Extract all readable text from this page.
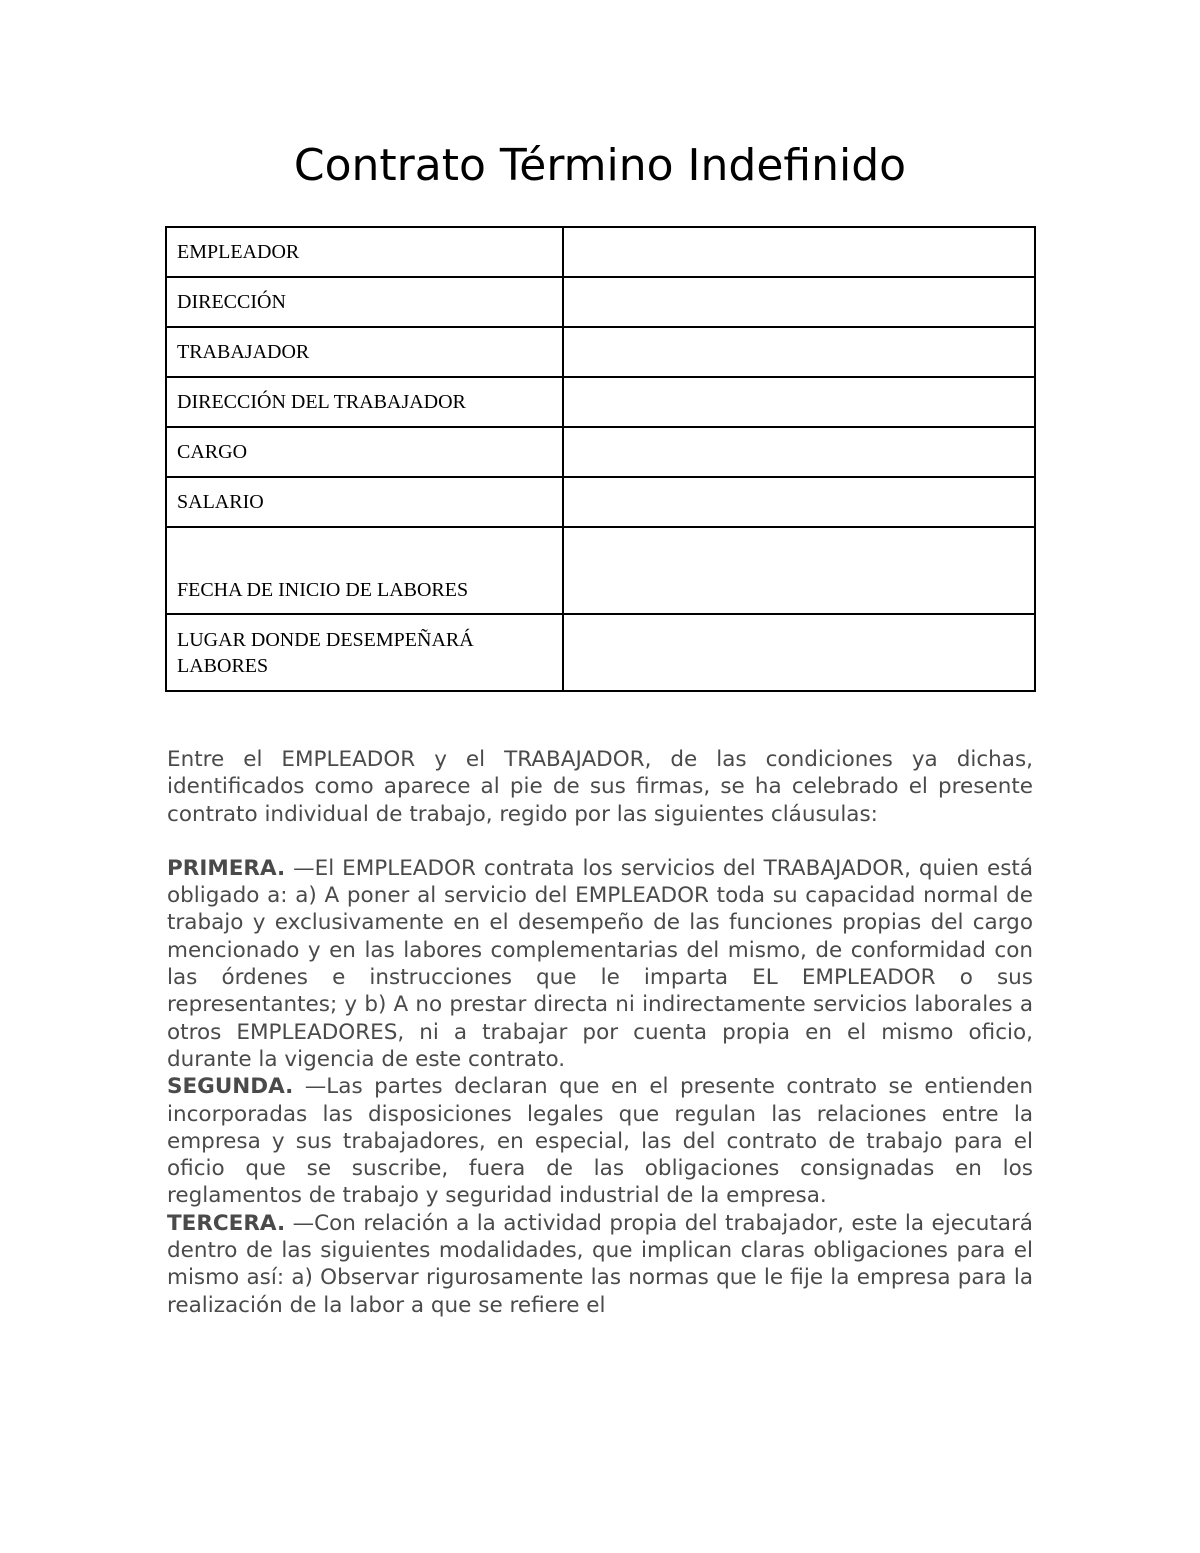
Contrato Término Indefinido
EMPLEADOR	
DIRECCIÓN	
TRABAJADOR	
DIRECCIÓN DEL TRABAJADOR	
CARGO	
SALARIO	
FECHA DE INICIO DE LABORES	
LUGAR DONDE DESEMPEÑARÁ LABORES	

Entre el EMPLEADOR y el TRABAJADOR, de las condiciones ya dichas, identificados como aparece al pie de sus firmas, se ha celebrado el presente contrato individual de trabajo, regido por las siguientes cláusulas:

PRIMERA. —El EMPLEADOR contrata los servicios del TRABAJADOR, quien está obligado a: a) A poner al servicio del EMPLEADOR toda su capacidad normal de trabajo y exclusivamente en el desempeño de las funciones propias del cargo mencionado y en las labores complementarias del mismo, de conformidad con las órdenes e instrucciones que le imparta EL EMPLEADOR o sus representantes; y b) A no prestar directa ni indirectamente servicios laborales a otros EMPLEADORES, ni a trabajar por cuenta propia en el mismo oficio, durante la vigencia de este contrato.

SEGUNDA. —Las partes declaran que en el presente contrato se entienden incorporadas las disposiciones legales que regulan las relaciones entre la empresa y sus trabajadores, en especial, las del contrato de trabajo para el oficio que se suscribe, fuera de las obligaciones consignadas en los reglamentos de trabajo y seguridad industrial de la empresa.

TERCERA. —Con relación a la actividad propia del trabajador, este la ejecutará dentro de las siguientes modalidades, que implican claras obligaciones para el mismo así: a) Observar rigurosamente las normas que le fije la empresa para la realización de la labor a que se refiere el
